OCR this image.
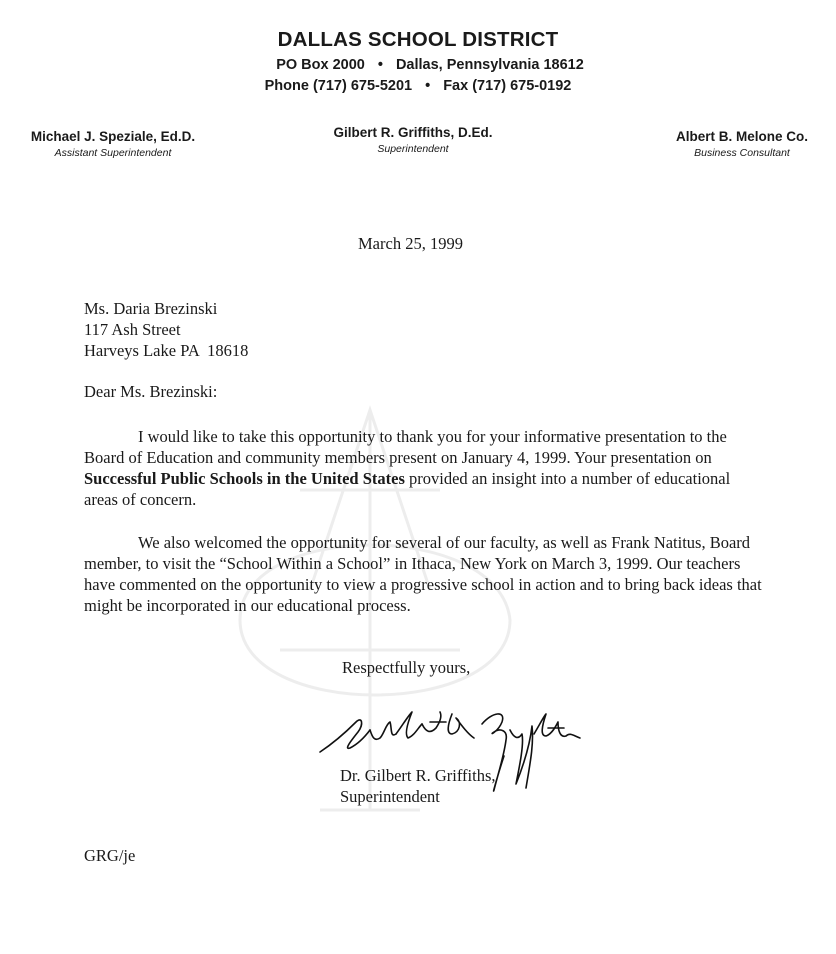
DALLAS SCHOOL DISTRICT
PO Box 2000 • Dallas, Pennsylvania 18612
Phone (717) 675-5201 • Fax (717) 675-0192
Michael J. Speziale, Ed.D.
Assistant Superintendent
Gilbert R. Griffiths, D.Ed.
Superintendent
Albert B. Melone Co.
Business Consultant
March 25, 1999
Ms. Daria Brezinski
117 Ash Street
Harveys Lake PA  18618
Dear Ms. Brezinski:
I would like to take this opportunity to thank you for your informative presentation to the Board of Education and community members present on January 4, 1999. Your presentation on Successful Public Schools in the United States provided an insight into a number of educational areas of concern.
We also welcomed the opportunity for several of our faculty, as well as Frank Natitus, Board member, to visit the “School Within a School” in Ithaca, New York on March 3, 1999. Our teachers have commented on the opportunity to view a progressive school in action and to bring back ideas that might be incorporated in our educational process.
Respectfully yours,
Dr. Gilbert R. Griffiths,
Superintendent
GRG/je
